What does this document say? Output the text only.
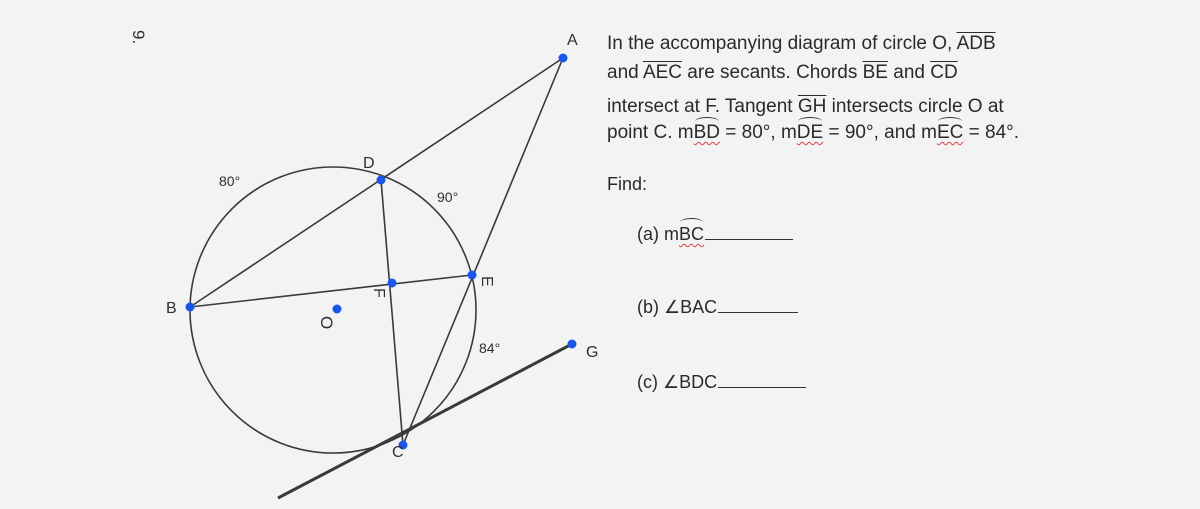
A
D
B
C
G
E
F
O
9.
80°
90°
84°
In the accompanying diagram of circle O, $\overline{ADB}$
and $\overline{AEC}$ are secants. Chords $\overline{BE}$ and $\overline{CD}$
intersect at F. Tangent $\overline{GH}$ intersects circle O at
point C. mBD = 80°, mDE = 90°, and mEC = 84°.
Find:
(a) mBC
(b) ∠BAC
(c) ∠BDC
